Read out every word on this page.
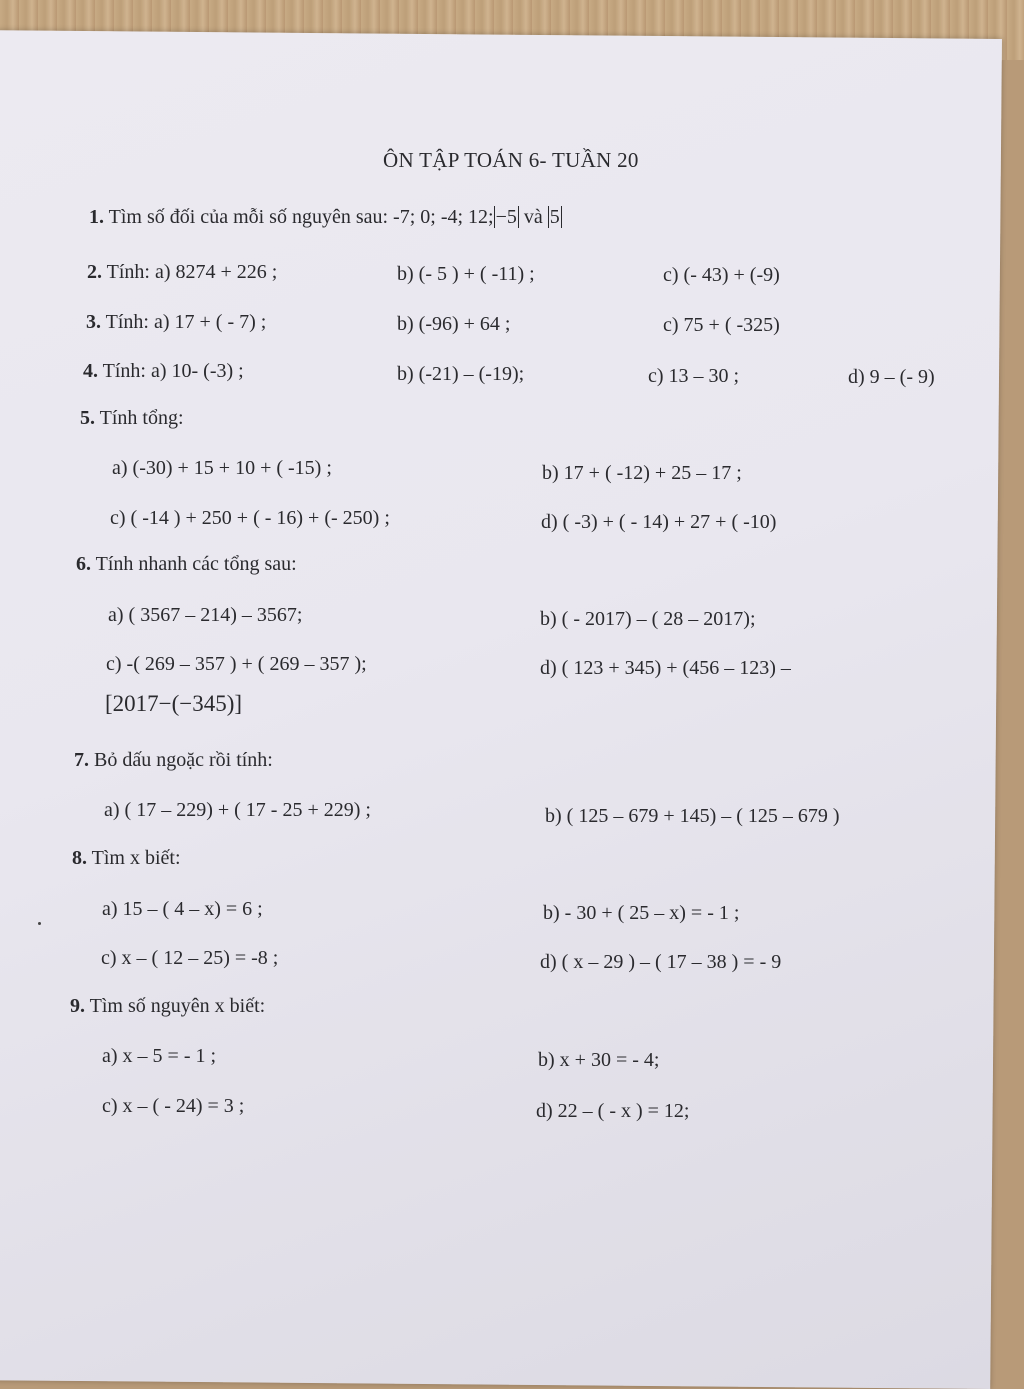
ÔN TẬP TOÁN 6- TUẦN 20
1. Tìm số đối của mỗi số nguyên sau: -7; 0; -4; 12; −5 và 5
2. Tính: a) 8274 + 226 ;	b) (- 5 ) + ( -11) ;	c) (- 43) + (-9)
3. Tính: a) 17 + ( - 7) ;	b) (-96) + 64 ;	c) 75 + ( -325)
4. Tính: a) 10- (-3) ;	b) (-21) – (-19);	c) 13 – 30 ;	d) 9 – (- 9)
5. Tính tổng:
a) (-30) + 15 + 10 + ( -15) ;	b) 17 + ( -12) + 25 – 17 ;
c) ( -14 ) + 250 + ( - 16) + (- 250) ;	d) ( -3) + ( - 14) + 27 + ( -10)
6. Tính nhanh các tổng sau:
a) ( 3567 – 214) – 3567;	b) ( - 2017) – ( 28 – 2017);
c) -( 269 – 357 ) + ( 269 – 357 );	d) ( 123 + 345) + (456 – 123) –
[2017−(−345)]
7. Bỏ dấu ngoặc rồi tính:
a) ( 17 – 229) + ( 17 - 25 + 229) ;	b) ( 125 – 679 + 145) – ( 125 – 679 )
8. Tìm x biết:
a) 15 – ( 4 – x) = 6 ;	b) - 30 + ( 25 – x) = - 1 ;
c) x – ( 12 – 25) = -8 ;	d) ( x – 29 ) – ( 17 – 38 ) = - 9
9. Tìm số nguyên x biết:
a) x – 5 = - 1 ;	b) x + 30 = - 4;
c) x – ( - 24) = 3 ;	d) 22 – ( - x ) = 12;
